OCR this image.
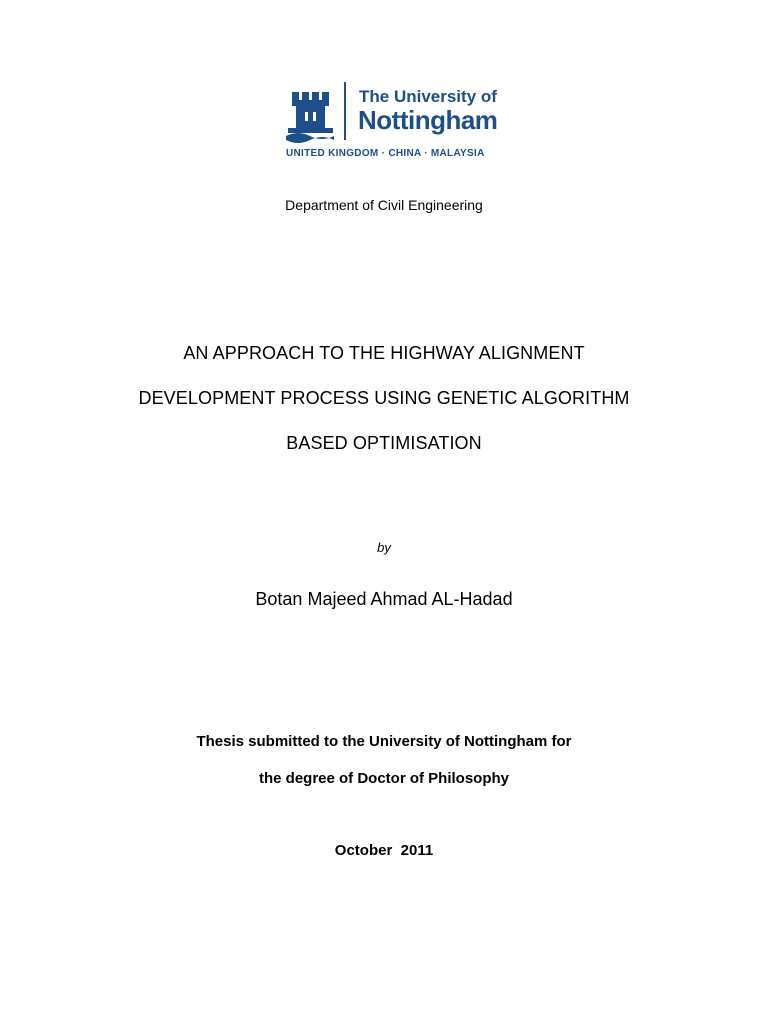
The University of
Nottingham
UNITED KINGDOM · CHINA · MALAYSIA

Department of Civil Engineering

AN APPROACH TO THE HIGHWAY ALIGNMENT

DEVELOPMENT PROCESS USING GENETIC ALGORITHM

BASED OPTIMISATION

by

Botan Majeed Ahmad AL-Hadad

Thesis submitted to the University of Nottingham for

the degree of Doctor of Philosophy

October  2011
